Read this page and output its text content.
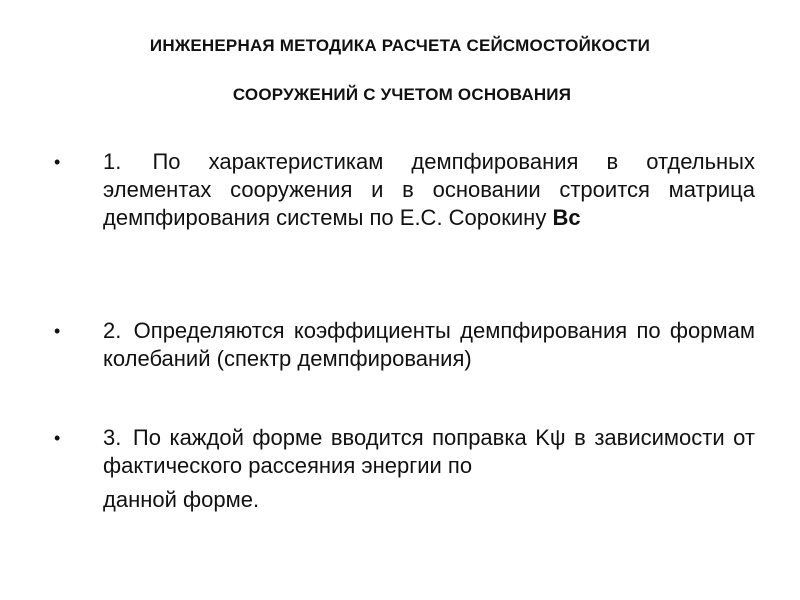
ИНЖЕНЕРНАЯ МЕТОДИКА РАСЧЕТА СЕЙСМОСТОЙКОСТИ
СООРУЖЕНИЙ С УЧЕТОМ ОСНОВАНИЯ
• 1. По характеристикам демпфирования в отдельных элементах сооружения и в основании строится матрица демпфирования системы по Е.С. Сорокину Вс
• 2. Определяются коэффициенты демпфирования по формам колебаний (спектр демпфирования)
• 3. По каждой форме вводится поправка Kψ в зависимости от фактического рассеяния энергии по
данной форме.
